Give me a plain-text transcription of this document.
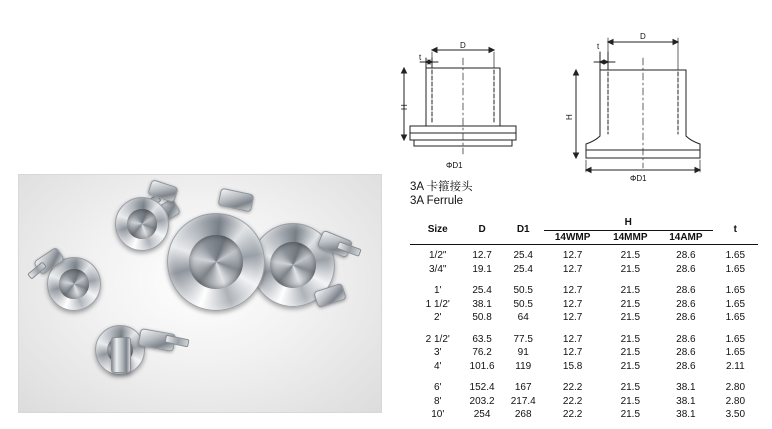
t
D
H
ΦD1
t
D
H
ΦD1
3A 卡箍接头
3A Ferrule
Size	D	D1	H			t
			14WMP	14MMP	14AMP	
1/2"	12.7	25.4	12.7	21.5	28.6	1.65
3/4"	19.1	25.4	12.7	21.5	28.6	1.65
1'	25.4	50.5	12.7	21.5	28.6	1.65
1 1/2'	38.1	50.5	12.7	21.5	28.6	1.65
2'	50.8	64	12.7	21.5	28.6	1.65
2 1/2'	63.5	77.5	12.7	21.5	28.6	1.65
3'	76.2	91	12.7	21.5	28.6	1.65
4'	101.6	119	15.8	21.5	28.6	2.11
6'	152.4	167	22.2	21.5	38.1	2.80
8'	203.2	217.4	22.2	21.5	38.1	2.80
10'	254	268	22.2	21.5	38.1	3.50
